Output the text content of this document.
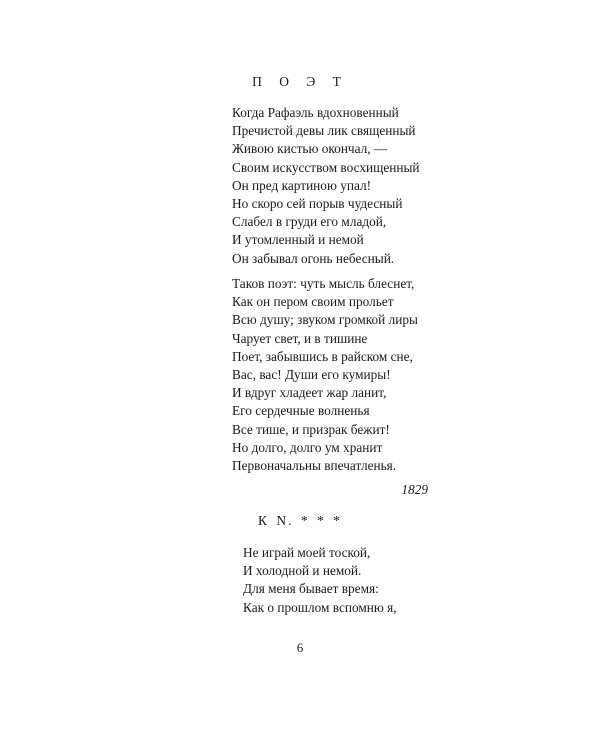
П О Э Т
Когда Рафаэль вдохновенный
Пречистой девы лик священный
Живою кистью окончал, —
Своим искусством восхищенный
Он пред картиною упал!
Но скоро сей порыв чудесный
Слабел в груди его младой,
И утомленный и немой
Он забывал огонь небесный.
Таков поэт: чуть мысль блеснет,
Как он пером своим прольет
Всю душу; звуком громкой лиры
Чарует свет, и в тишине
Поет, забывшись в райском сне,
Вас, вас! Души его кумиры!
И вдруг хладеет жар ланит,
Его сердечные волненья
Все тише, и призрак бежит!
Но долго, долго ум хранит
Первоначальны впечатленья.
1829
К N. * * *
Не играй моей тоской,
И холодной и немой.
Для меня бывает время:
Как о прошлом вспомню я,
6
